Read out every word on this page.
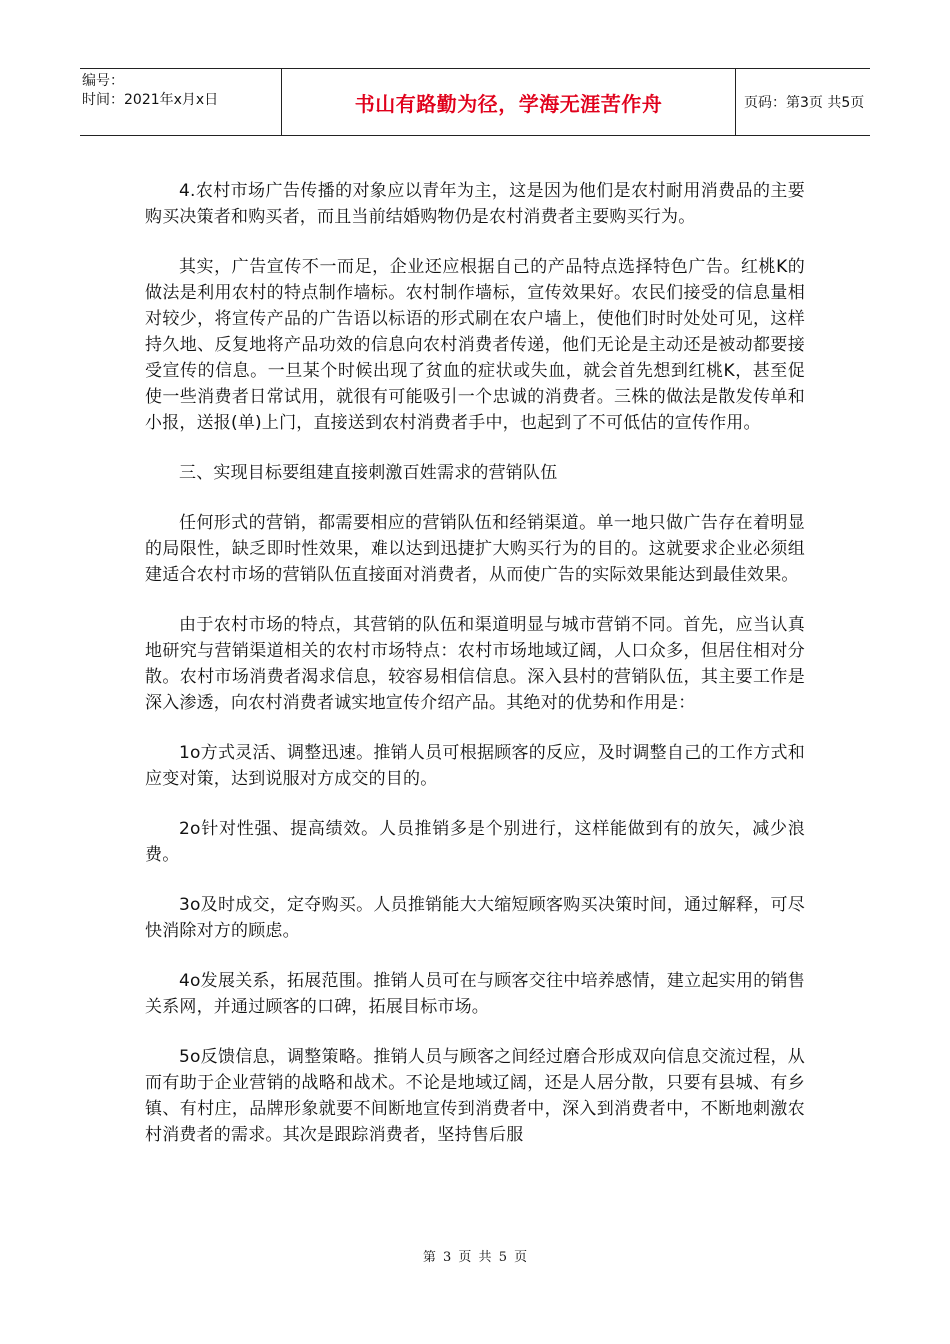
编号：
时间：2021年x月x日	书山有路勤为径，学海无涯苦作舟	页码：第3页 共5页

4.农村市场广告传播的对象应以青年为主，这是因为他们是农村耐用消费品的主要购买决策者和购买者，而且当前结婚购物仍是农村消费者主要购买行为。

其实，广告宣传不一而足，企业还应根据自己的产品特点选择特色广告。红桃K的做法是利用农村的特点制作墙标。农村制作墙标，宣传效果好。农民们接受的信息量相对较少，将宣传产品的广告语以标语的形式刷在农户墙上，使他们时时处处可见，这样持久地、反复地将产品功效的信息向农村消费者传递，他们无论是主动还是被动都要接受宣传的信息。一旦某个时候出现了贫血的症状或失血，就会首先想到红桃K，甚至促使一些消费者日常试用，就很有可能吸引一个忠诚的消费者。三株的做法是散发传单和小报，送报(单)上门，直接送到农村消费者手中，也起到了不可低估的宣传作用。

三、实现目标要组建直接刺激百姓需求的营销队伍

任何形式的营销，都需要相应的营销队伍和经销渠道。单一地只做广告存在着明显的局限性，缺乏即时性效果，难以达到迅捷扩大购买行为的目的。这就要求企业必须组建适合农村市场的营销队伍直接面对消费者，从而使广告的实际效果能达到最佳效果。

由于农村市场的特点，其营销的队伍和渠道明显与城市营销不同。首先，应当认真地研究与营销渠道相关的农村市场特点：农村市场地域辽阔，人口众多，但居住相对分散。农村市场消费者渴求信息，较容易相信信息。深入县村的营销队伍，其主要工作是深入渗透，向农村消费者诚实地宣传介绍产品。其绝对的优势和作用是：

1o方式灵活、调整迅速。推销人员可根据顾客的反应，及时调整自己的工作方式和应变对策，达到说服对方成交的目的。

2o针对性强、提高绩效。人员推销多是个别进行，这样能做到有的放矢，减少浪费。

3o及时成交，定夺购买。人员推销能大大缩短顾客购买决策时间，通过解释，可尽快消除对方的顾虑。

4o发展关系，拓展范围。推销人员可在与顾客交往中培养感情，建立起实用的销售关系网，并通过顾客的口碑，拓展目标市场。

5o反馈信息，调整策略。推销人员与顾客之间经过磨合形成双向信息交流过程，从而有助于企业营销的战略和战术。不论是地域辽阔，还是人居分散，只要有县城、有乡镇、有村庄，品牌形象就要不间断地宣传到消费者中，深入到消费者中，不断地刺激农村消费者的需求。其次是跟踪消费者，坚持售后服

第 3 页 共 5 页
